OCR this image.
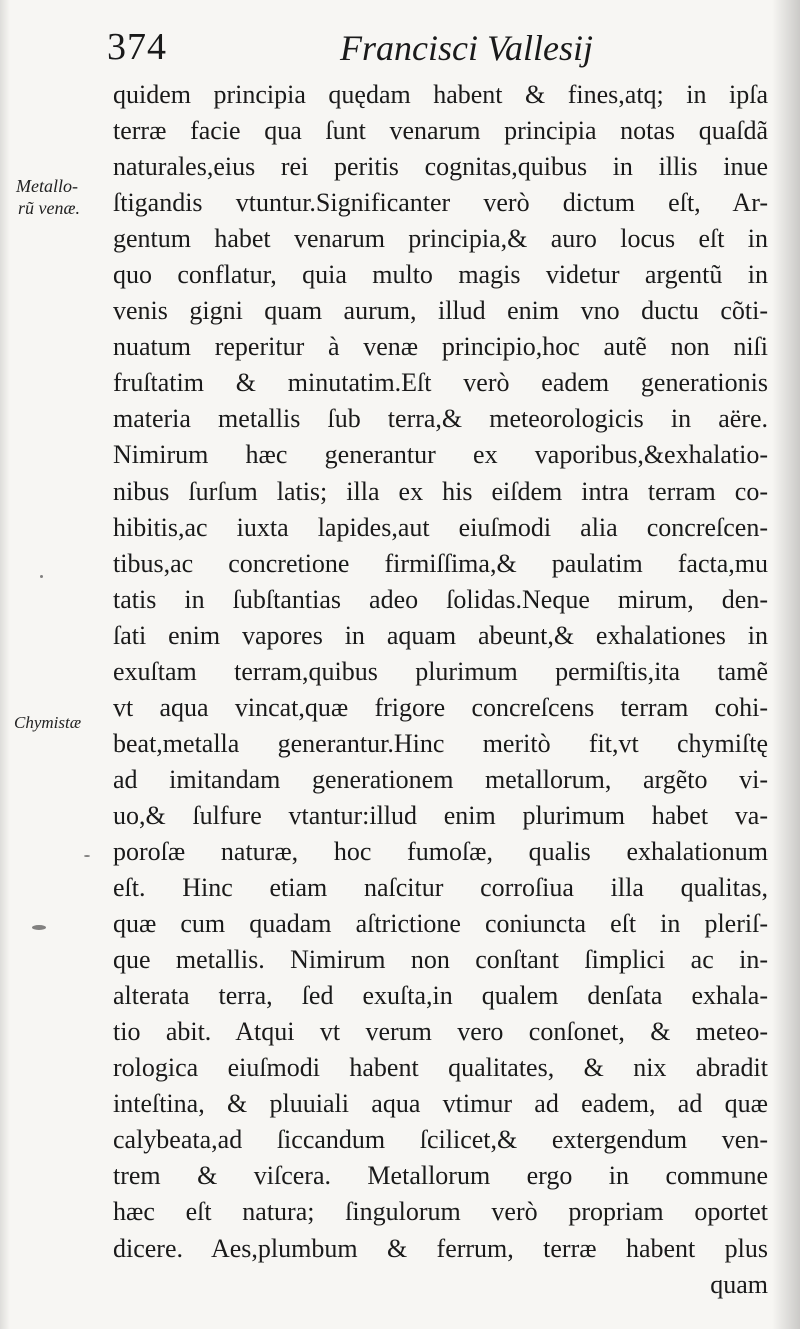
374	Francisci Vallesij
Metallo-
rũ venæ.
Chymistæ
quidem principia quędam habent & fines,atq; in ipſa
terræ facie qua ſunt venarum principia notas quaſdã
naturales,eius rei peritis cognitas,quibus in illis inue
ſtigandis vtuntur.Significanter verò dictum eſt, Ar-
gentum habet venarum principia,& auro locus eſt in
quo conflatur, quia multo magis videtur argentũ in
venis gigni quam aurum, illud enim vno ductu cõti-
nuatum reperitur à venæ principio,hoc autẽ non niſi
fruſtatim & minutatim.Eſt verò eadem generationis
materia metallis ſub terra,& meteorologicis in aëre.
Nimirum hæc generantur ex vaporibus,&exhalatio-
nibus ſurſum latis; illa ex his eiſdem intra terram co-
hibitis,ac iuxta lapides,aut eiuſmodi alia concreſcen-
tibus,ac concretione firmiſſima,& paulatim facta,mu
tatis in ſubſtantias adeo ſolidas.Neque mirum, den-
ſati enim vapores in aquam abeunt,& exhalationes in
exuſtam terram,quibus plurimum permiſtis,ita tamẽ
vt aqua vincat,quæ frigore concreſcens terram cohi-
beat,metalla generantur.Hinc meritò fit,vt chymiſtę
ad imitandam generationem metallorum, argẽto vi-
uo,& ſulfure vtantur:illud enim plurimum habet va-
poroſæ naturæ, hoc fumoſæ, qualis exhalationum
eſt. Hinc etiam naſcitur corroſiua illa qualitas,
quæ cum quadam aſtrictione coniuncta eſt in pleriſ-
que metallis. Nimirum non conſtant ſimplici ac in-
alterata terra, ſed exuſta,in qualem denſata exhala-
tio abit. Atqui vt verum vero conſonet, & meteo-
rologica eiuſmodi habent qualitates, & nix abradit
inteſtina, & pluuiali aqua vtimur ad eadem, ad quæ
calybeata,ad ſiccandum ſcilicet,& extergendum ven-
trem & viſcera. Metallorum ergo in commune
hæc eſt natura; ſingulorum verò propriam oportet
dicere. Aes,plumbum & ferrum, terræ habent plus
quam
